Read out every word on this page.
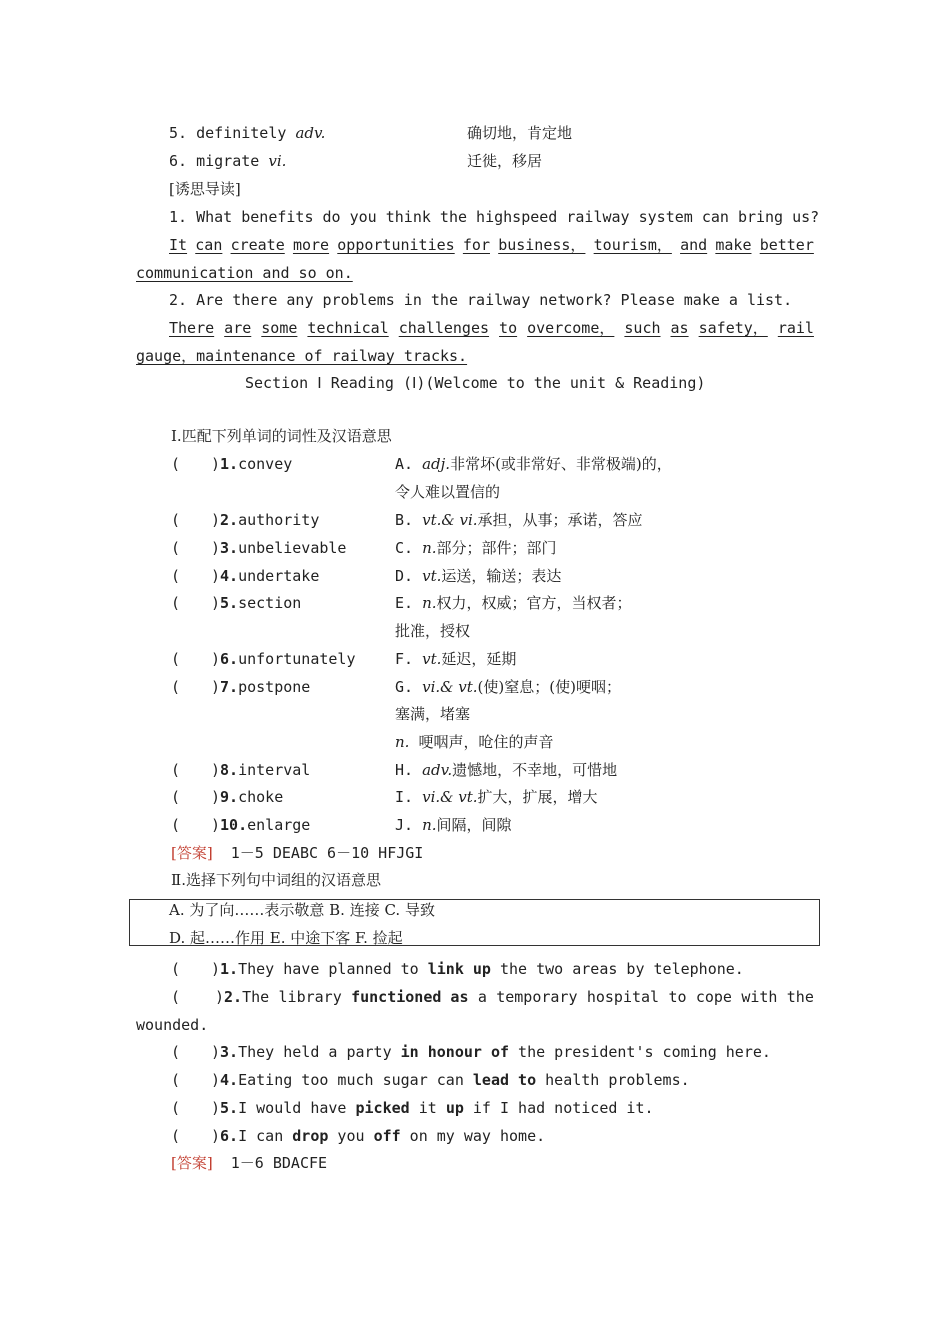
5. definitely adv.	确切地，肯定地
6. migrate vi.	迁徙，移居
[诱思导读]
1. What benefits do you think the highspeed railway system can bring us?
It can create more opportunities for business， tourism， and make better
communication and so on.
2. Are there any problems in the railway network? Please make a list.
There are some technical challenges to overcome， such as safety， rail
gauge，maintenance of railway tracks.
Section Ⅰ Reading (Ⅰ)(Welcome to the unit & Reading)
Ⅰ.匹配下列单词的词性及汉语意思
( )1.convey
( )2.authority
( )3.unbelievable
( )4.undertake
( )5.section
( )6.unfortunately
( )7.postpone
( )8.interval
( )9.choke
( )10.enlarge
A. adj.非常坏(或非常好、非常极端)的，
令人难以置信的
B. vt.& vi.承担，从事；承诺，答应
C. n.部分；部件；部门
D. vt.运送，输送；表达
E. n.权力，权威；官方，当权者；
批准，授权
F. vt.延迟，延期
G. vi.& vt.(使)窒息；(使)哽咽；
塞满，堵塞
n. 哽咽声，呛住的声音
H. adv.遗憾地，不幸地，可惜地
I. vi.& vt.扩大，扩展，增大
J. n.间隔，间隙
[答案] 1－5 DEABC 6－10 HFJGI
Ⅱ.选择下列句中词组的汉语意思
A. 为了向……表示敬意 B. 连接 C. 导致
D. 起……作用 E. 中途下客 F. 捡起
( )1.They have planned to link up the two areas by telephone.
( )2.The library functioned as a temporary hospital to cope with the
wounded.
( )3.They held a party in honour of the president's coming here.
( )4.Eating too much sugar can lead to health problems.
( )5.I would have picked it up if I had noticed it.
( )6.I can drop you off on my way home.
[答案] 1－6 BDACFE
